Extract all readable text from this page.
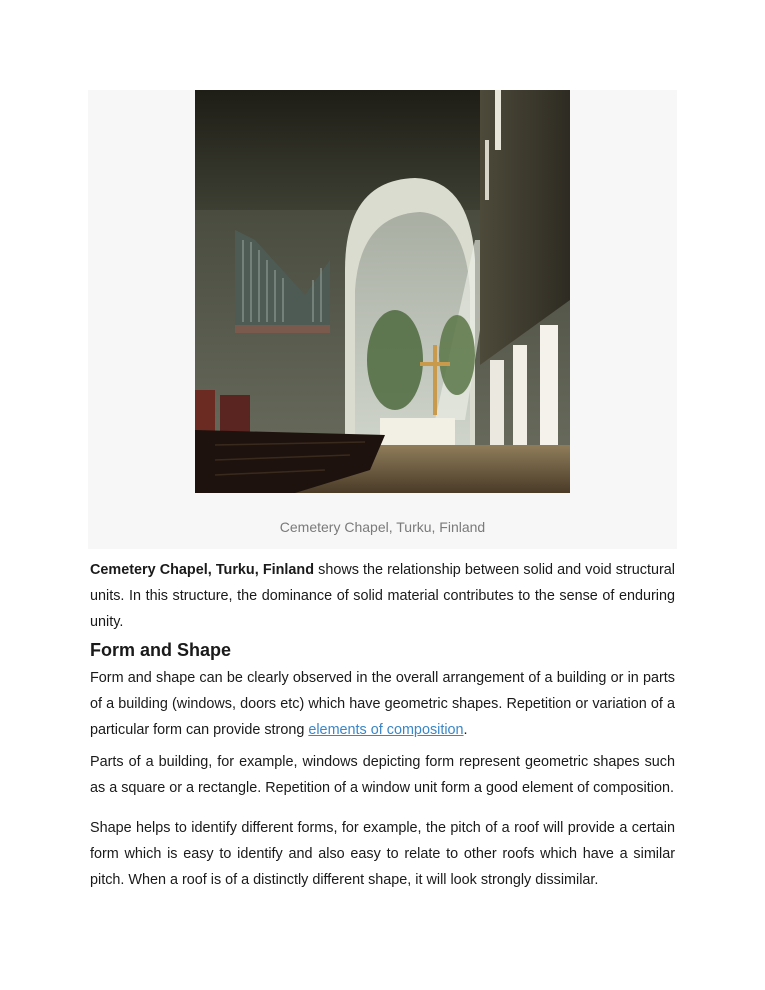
Cemetery Chapel, Turku, Finland

Cemetery Chapel, Turku, Finland shows the relationship between solid and void structural units. In this structure, the dominance of solid material contributes to the sense of enduring unity.

Form and Shape

Form and shape can be clearly observed in the overall arrangement of a building or in parts of a building (windows, doors etc) which have geometric shapes. Repetition or variation of a particular form can provide strong elements of composition.

Parts of a building, for example, windows depicting form represent geometric shapes such as a square or a rectangle. Repetition of a window unit form a good element of composition.

Shape helps to identify different forms, for example, the pitch of a roof will provide a certain form which is easy to identify and also easy to relate to other roofs which have a similar pitch. When a roof is of a distinctly different shape, it will look strongly dissimilar.
